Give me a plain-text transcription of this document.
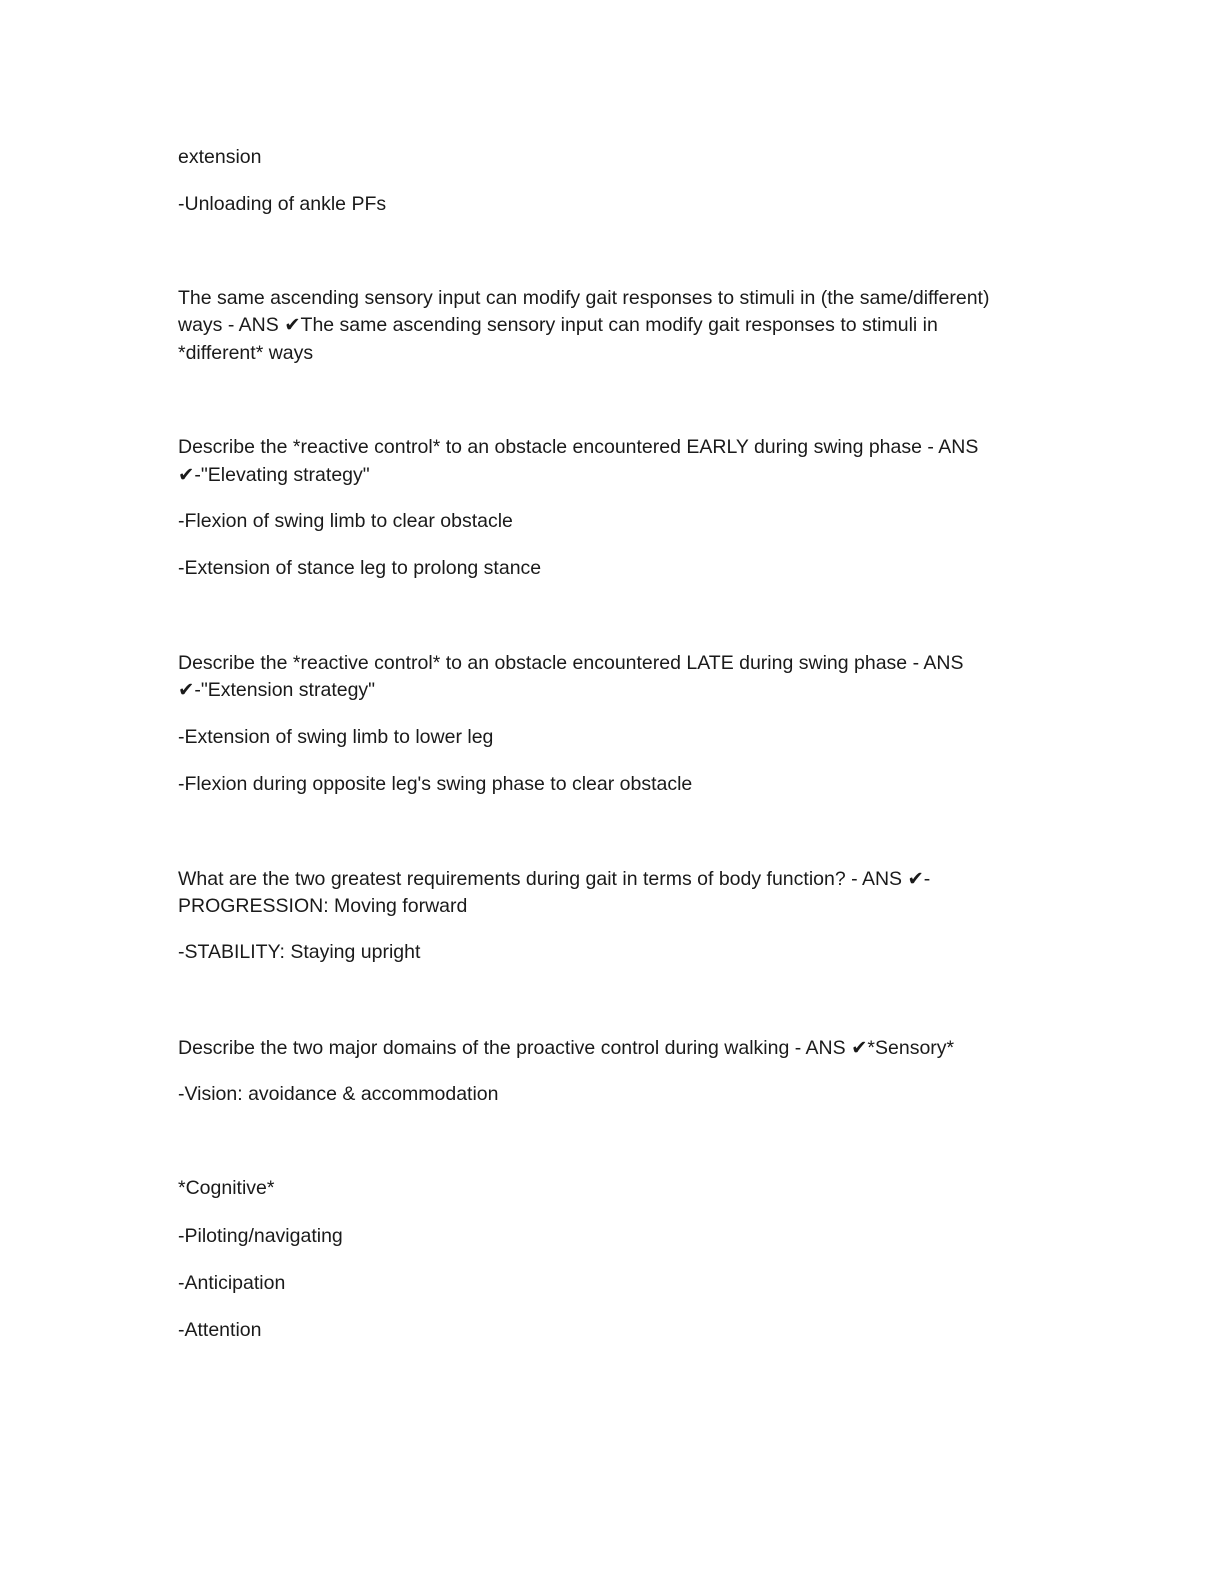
extension

-Unloading of ankle PFs

The same ascending sensory input can modify gait responses to stimuli in (the same/different)

ways - ANS ✔The same ascending sensory input can modify gait responses to stimuli in

*different* ways

Describe the *reactive control* to an obstacle encountered EARLY during swing phase - ANS

✔-"Elevating strategy"

-Flexion of swing limb to clear obstacle

-Extension of stance leg to prolong stance

Describe the *reactive control* to an obstacle encountered LATE during swing phase - ANS

✔-"Extension strategy"

-Extension of swing limb to lower leg

-Flexion during opposite leg's swing phase to clear obstacle

What are the two greatest requirements during gait in terms of body function? - ANS ✔-

PROGRESSION: Moving forward

-STABILITY: Staying upright

Describe the two major domains of the proactive control during walking - ANS ✔*Sensory*

-Vision: avoidance & accommodation

*Cognitive*

-Piloting/navigating

-Anticipation

-Attention
